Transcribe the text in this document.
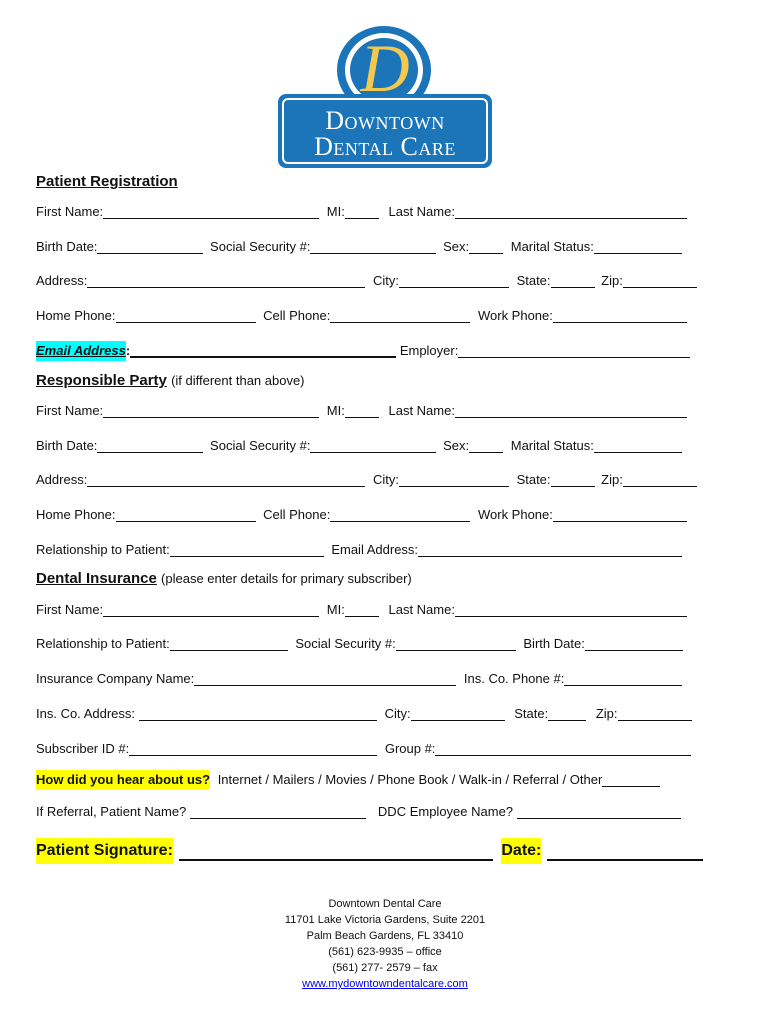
D
Downtown
Dental Care
Patient Registration
First Name:	MI:	Last Name:
Birth Date:	Social Security #:	Sex:	Marital Status:
Address:	City:	State:	Zip:
Home Phone:	Cell Phone:	Work Phone:
Email Address:	Employer:
Responsible Party (if different than above)
First Name:	MI:	Last Name:
Birth Date:	Social Security #:	Sex:	Marital Status:
Address:	City:	State:	Zip:
Home Phone:	Cell Phone:	Work Phone:
Relationship to Patient:	Email Address:
Dental Insurance (please enter details for primary subscriber)
First Name:	MI:	Last Name:
Relationship to Patient:	Social Security #:	Birth Date:
Insurance Company Name:	Ins. Co. Phone #:
Ins. Co. Address:	City:	State:	Zip:
Subscriber ID #:	Group #:
How did you hear about us? Internet / Mailers / Movies / Phone Book / Walk-in / Referral / Other
If Referral, Patient Name?	DDC Employee Name?
Patient Signature:	Date:
Downtown Dental Care
11701 Lake Victoria Gardens, Suite 2201
Palm Beach Gardens, FL 33410
(561) 623-9935 – office
(561) 277- 2579 – fax
www.mydowntowndentalcare.com
